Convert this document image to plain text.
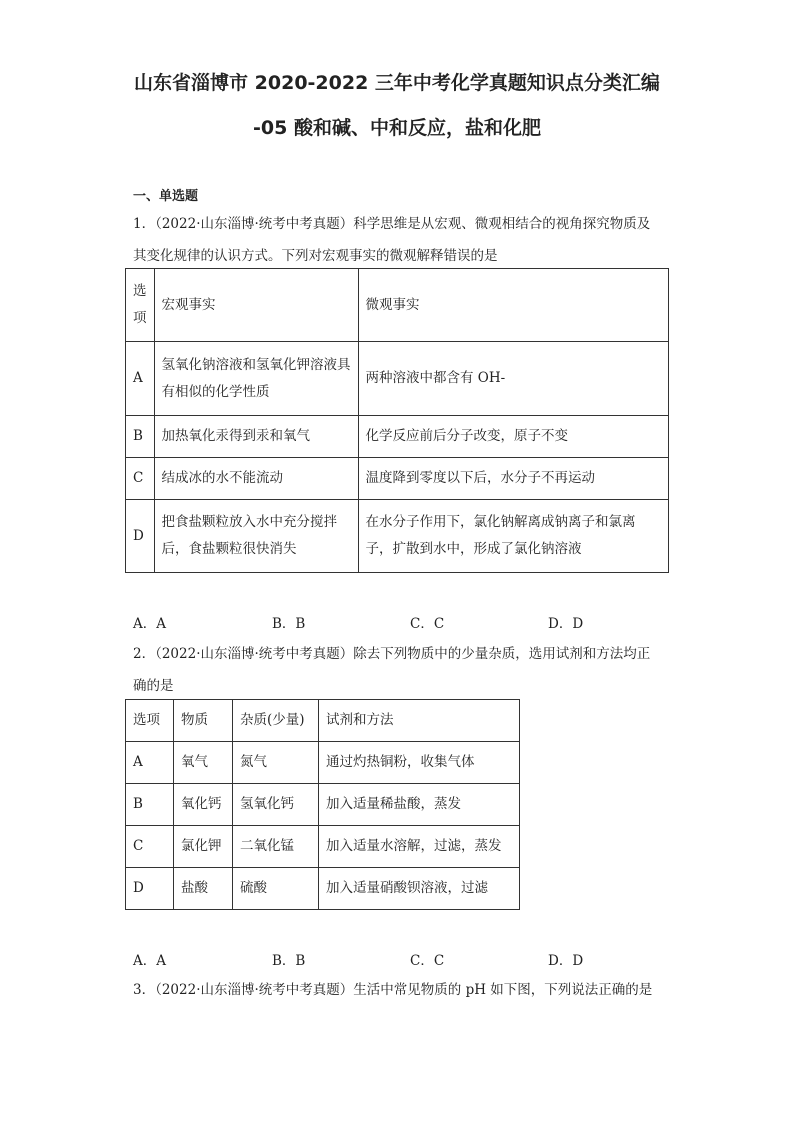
山东省淄博市 2020-2022 三年中考化学真题知识点分类汇编
-05 酸和碱、中和反应，盐和化肥
一、单选题
1．（2022·山东淄博·统考中考真题）科学思维是从宏观、微观相结合的视角探究物质及其变化规律的认识方式。下列对宏观事实的微观解释错误的是
选项	宏观事实	微观事实
A	氢氧化钠溶液和氢氧化钾溶液具有相似的化学性质	两种溶液中都含有 OH-
B	加热氧化汞得到汞和氧气	化学反应前后分子改变，原子不变
C	结成冰的水不能流动	温度降到零度以下后，水分子不再运动
D	把食盐颗粒放入水中充分搅拌后，食盐颗粒很快消失	在水分子作用下，氯化钠解离成钠离子和氯离子，扩散到水中，形成了氯化钠溶液
A．A	B．B	C．C	D．D
2．（2022·山东淄博·统考中考真题）除去下列物质中的少量杂质，选用试剂和方法均正确的是
选项	物质	杂质(少量)	试剂和方法
A	氧气	氮气	通过灼热铜粉，收集气体
B	氧化钙	氢氧化钙	加入适量稀盐酸，蒸发
C	氯化钾	二氧化锰	加入适量水溶解，过滤，蒸发
D	盐酸	硫酸	加入适量硝酸钡溶液，过滤
A．A	B．B	C．C	D．D
3．（2022·山东淄博·统考中考真题）生活中常见物质的 pH 如下图，下列说法正确的是
